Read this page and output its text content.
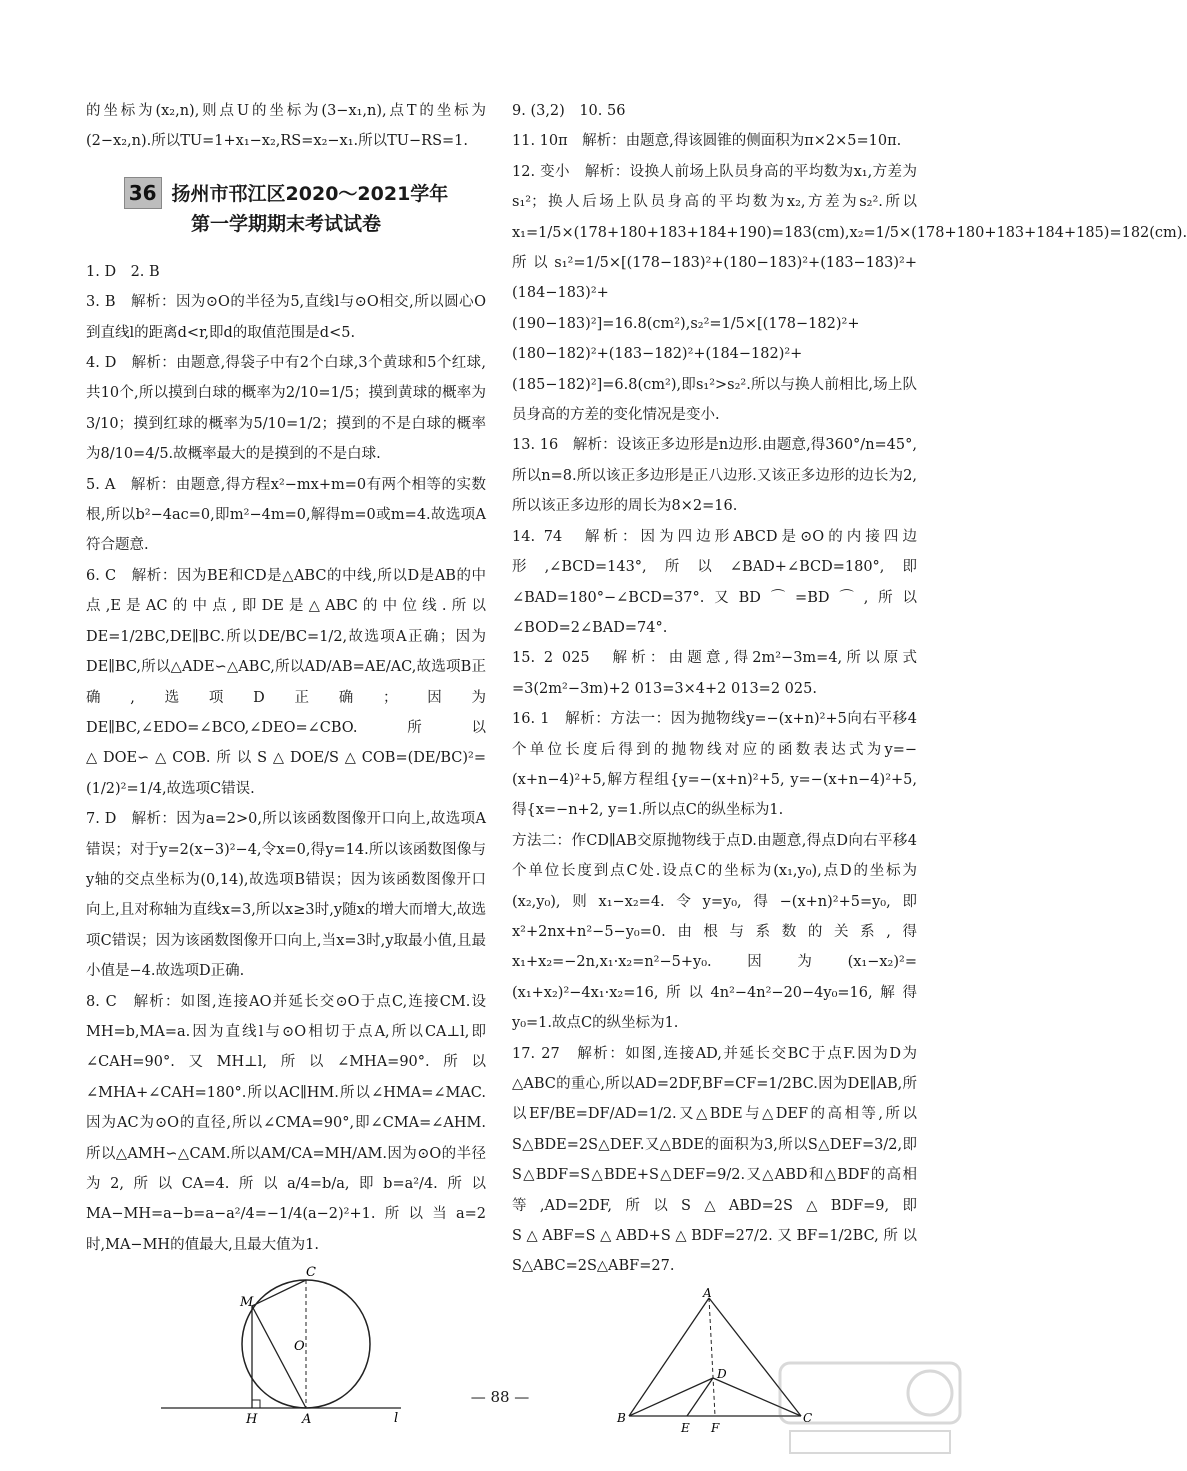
的坐标为(x₂,n),则点U的坐标为(3−x₁,n),点T的坐标为(2−x₂,n).所以TU=1+x₁−x₂,RS=x₂−x₁.所以TU−RS=1.

36 扬州市邗江区2020～2021学年
第一学期期末考试试卷

1. D　2. B

3. B　解析：因为⊙O的半径为5,直线l与⊙O相交,所以圆心O到直线l的距离d<r,即d的取值范围是d<5.

4. D　解析：由题意,得袋子中有2个白球,3个黄球和5个红球,共10个,所以摸到白球的概率为2/10=1/5；摸到黄球的概率为3/10；摸到红球的概率为5/10=1/2；摸到的不是白球的概率为8/10=4/5.故概率最大的是摸到的不是白球.

5. A　解析：由题意,得方程x²−mx+m=0有两个相等的实数根,所以b²−4ac=0,即m²−4m=0,解得m=0或m=4.故选项A符合题意.

6. C　解析：因为BE和CD是△ABC的中线,所以D是AB的中点,E是AC的中点,即DE是△ABC的中位线.所以DE=1/2BC,DE∥BC.所以DE/BC=1/2,故选项A正确；因为DE∥BC,所以△ADE∽△ABC,所以AD/AB=AE/AC,故选项B正确,选项D正确；因为DE∥BC,∠EDO=∠BCO,∠DEO=∠CBO.所以△DOE∽△COB.所以S△DOE/S△COB=(DE/BC)²=(1/2)²=1/4,故选项C错误.

7. D　解析：因为a=2>0,所以该函数图像开口向上,故选项A错误；对于y=2(x−3)²−4,令x=0,得y=14.所以该函数图像与y轴的交点坐标为(0,14),故选项B错误；因为该函数图像开口向上,且对称轴为直线x=3,所以x≥3时,y随x的增大而增大,故选项C错误；因为该函数图像开口向上,当x=3时,y取最小值,且最小值是−4.故选项D正确.

8. C　解析：如图,连接AO并延长交⊙O于点C,连接CM.设MH=b,MA=a.因为直线l与⊙O相切于点A,所以CA⊥l,即∠CAH=90°.又MH⊥l,所以∠MHA=90°.所以∠MHA+∠CAH=180°.所以AC∥HM.所以∠HMA=∠MAC.因为AC为⊙O的直径,所以∠CMA=90°,即∠CMA=∠AHM.所以△AMH∽△CAM.所以AM/CA=MH/AM.因为⊙O的半径为2,所以CA=4.所以a/4=b/a,即b=a²/4.所以MA−MH=a−b=a−a²/4=−1/4(a−2)²+1.所以当a=2时,MA−MH的值最大,且最大值为1.

C
M
O
H	A	l

9. (3,2)　10. 56

11. 10π　解析：由题意,得该圆锥的侧面积为π×2×5=10π.

12. 变小　解析：设换人前场上队员身高的平均数为x₁,方差为s₁²；换人后场上队员身高的平均数为x₂,方差为s₂².所以x₁=1/5×(178+180+183+184+190)=183(cm),x₂=1/5×(178+180+183+184+185)=182(cm).所以s₁²=1/5×[(178−183)²+(180−183)²+(183−183)²+(184−183)²+(190−183)²]=16.8(cm²),s₂²=1/5×[(178−182)²+(180−182)²+(183−182)²+(184−182)²+(185−182)²]=6.8(cm²),即s₁²>s₂².所以与换人前相比,场上队员身高的方差的变化情况是变小.

13. 16　解析：设该正多边形是n边形.由题意,得360°/n=45°,所以n=8.所以该正多边形是正八边形.又该正多边形的边长为2,所以该正多边形的周长为8×2=16.

14. 74　解析：因为四边形ABCD是⊙O的内接四边形,∠BCD=143°,所以∠BAD+∠BCD=180°,即∠BAD=180°−∠BCD=37°.又BD⌒=BD⌒,所以∠BOD=2∠BAD=74°.

15. 2 025　解析：由题意,得2m²−3m=4,所以原式=3(2m²−3m)+2 013=3×4+2 013=2 025.

16. 1　解析：方法一：因为抛物线y=−(x+n)²+5向右平移4个单位长度后得到的抛物线对应的函数表达式为y=−(x+n−4)²+5,解方程组{y=−(x+n)²+5, y=−(x+n−4)²+5,得{x=−n+2, y=1.所以点C的纵坐标为1.

方法二：作CD∥AB交原抛物线于点D.由题意,得点D向右平移4个单位长度到点C处.设点C的坐标为(x₁,y₀),点D的坐标为(x₂,y₀),则x₁−x₂=4.令y=y₀,得−(x+n)²+5=y₀,即x²+2nx+n²−5−y₀=0.由根与系数的关系,得x₁+x₂=−2n,x₁·x₂=n²−5+y₀.因为(x₁−x₂)²=(x₁+x₂)²−4x₁·x₂=16,所以4n²−4n²−20−4y₀=16,解得y₀=1.故点C的纵坐标为1.

17. 27　解析：如图,连接AD,并延长交BC于点F.因为D为△ABC的重心,所以AD=2DF,BF=CF=1/2BC.因为DE∥AB,所以EF/BE=DF/AD=1/2.又△BDE与△DEF的高相等,所以S△BDE=2S△DEF.又△BDE的面积为3,所以S△DEF=3/2,即S△BDF=S△BDE+S△DEF=9/2.又△ABD和△BDF的高相等,AD=2DF,所以S△ABD=2S△BDF=9,即S△ABF=S△ABD+S△BDF=27/2.又BF=1/2BC,所以S△ABC=2S△ABF=27.

A
D
B
E F
C
— 88 —
